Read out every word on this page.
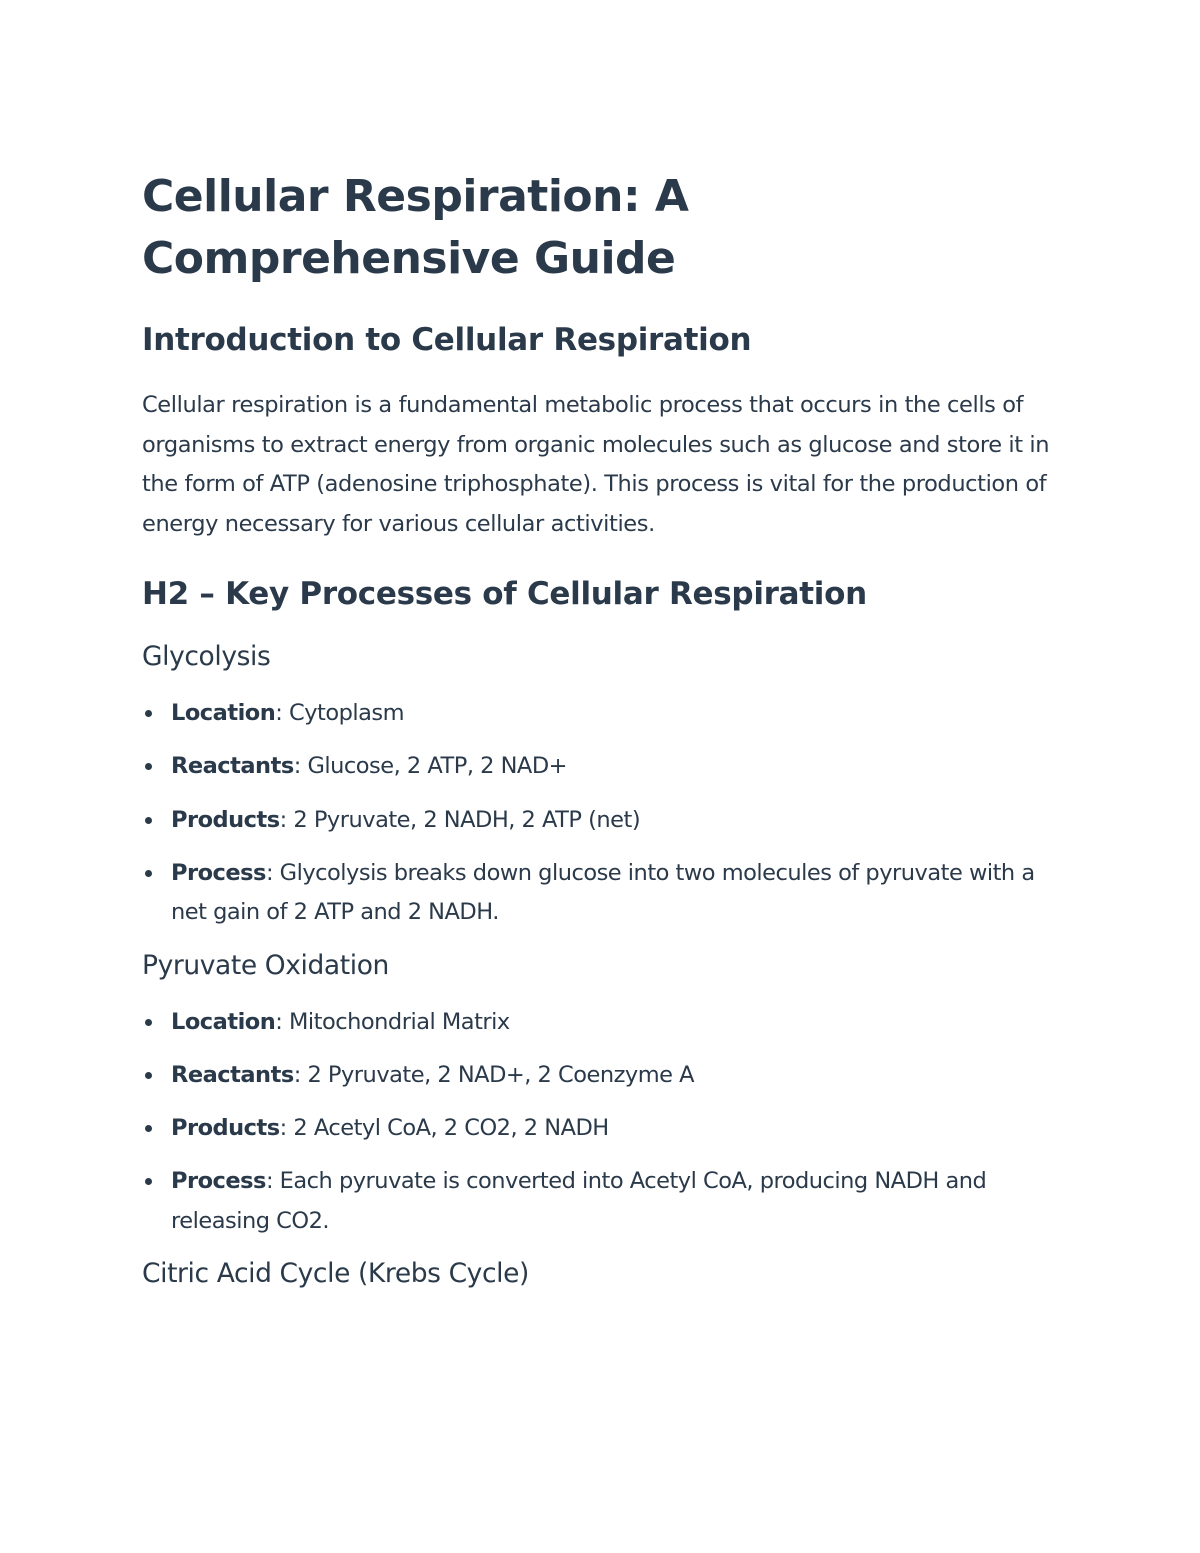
Cellular Respiration: A Comprehensive Guide
Introduction to Cellular Respiration

Cellular respiration is a fundamental metabolic process that occurs in the cells of organisms to extract energy from organic molecules such as glucose and store it in the form of ATP (adenosine triphosphate). This process is vital for the production of energy necessary for various cellular activities.

H2 – Key Processes of Cellular Respiration
Glycolysis
Location: Cytoplasm
Reactants: Glucose, 2 ATP, 2 NAD+
Products: 2 Pyruvate, 2 NADH, 2 ATP (net)
Process: Glycolysis breaks down glucose into two molecules of pyruvate with a net gain of 2 ATP and 2 NADH.
Pyruvate Oxidation
Location: Mitochondrial Matrix
Reactants: 2 Pyruvate, 2 NAD+, 2 Coenzyme A
Products: 2 Acetyl CoA, 2 CO2, 2 NADH
Process: Each pyruvate is converted into Acetyl CoA, producing NADH and releasing CO2.
Citric Acid Cycle (Krebs Cycle)
